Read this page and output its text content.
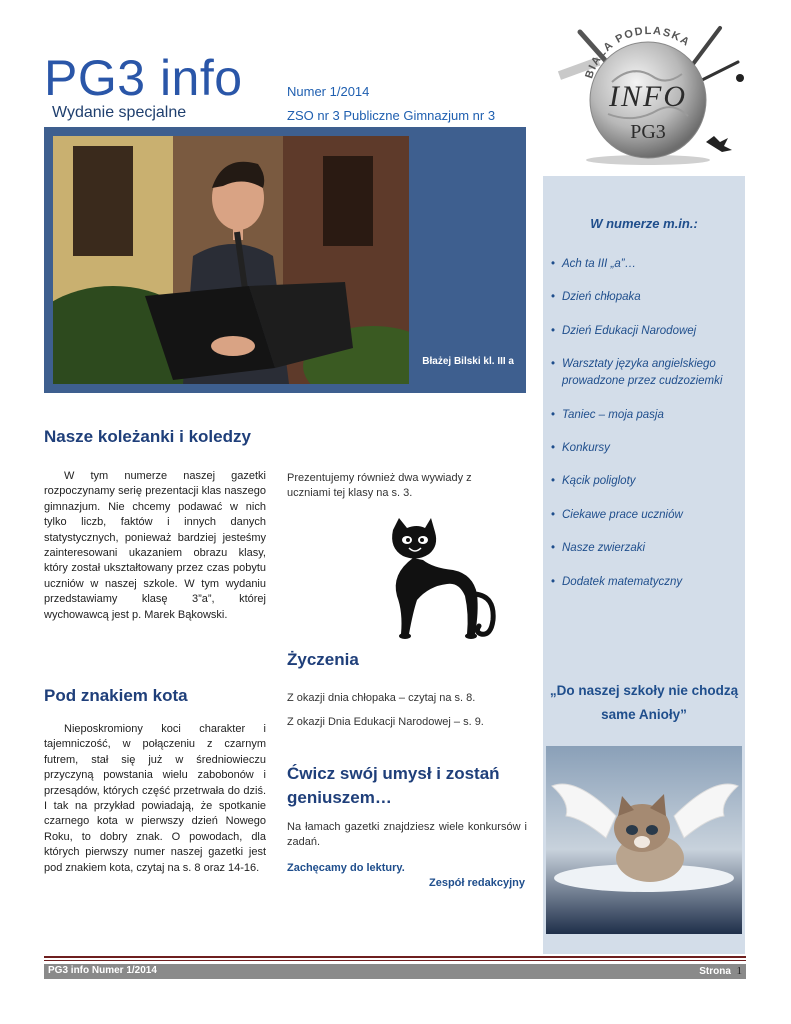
PG3 info
Wydanie specjalne
Numer 1/2014
ZSO nr 3 Publiczne Gimnazjum nr 3
BIAŁA PODLASKA
INFO
PG3
Błażej Bilski kl. III a
W numerze m.in.:
• Ach ta III „a”…
• Dzień chłopaka
• Dzień Edukacji Narodowej
• Warsztaty języka angielskiego prowadzone przez cudzoziemki
• Taniec – moja pasja
• Konkursy
• Kącik poligloty
• Ciekawe prace uczniów
• Nasze zwierzaki
• Dodatek matematyczny
„Do naszej szkoły nie chodzą same Anioły”
Nasze koleżanki i koledzy

W tym numerze naszej gazetki rozpoczynamy serię prezentacji klas naszego gimnazjum. Nie chcemy podawać w nich tylko liczb, faktów i innych danych statystycznych, ponieważ bardziej jesteśmy zainteresowani ukazaniem obrazu klasy, który został ukształtowany przez czas pobytu uczniów w naszej szkole. W tym wydaniu przedstawiamy klasę 3”a”, której wychowawcą jest p. Marek Bąkowski.

Prezentujemy również dwa wywiady z uczniami tej klasy na s. 3.

Pod znakiem kota

Nieposkromiony koci charakter i tajemniczość, w połączeniu z czarnym futrem, stał się już w średniowieczu przyczyną powstania wielu zabobonów i przesądów, których część przetrwała do dziś. I tak na przykład powiadają, że spotkanie czarnego kota w pierwszy dzień Nowego Roku, to dobry znak. O powodach, dla których pierwszy numer naszej gazetki jest pod znakiem kota, czytaj na s. 8 oraz 14-16.

Życzenia

Z okazji dnia chłopaka – czytaj na s. 8.

Z okazji Dnia Edukacji Narodowej – s. 9.

Ćwicz swój umysł i zostań geniuszem…

Na łamach gazetki znajdziesz wiele konkursów i zadań.

Zachęcamy do lektury.

Zespół redakcyjny

PG3 info Numer 1/2014	Strona 1
